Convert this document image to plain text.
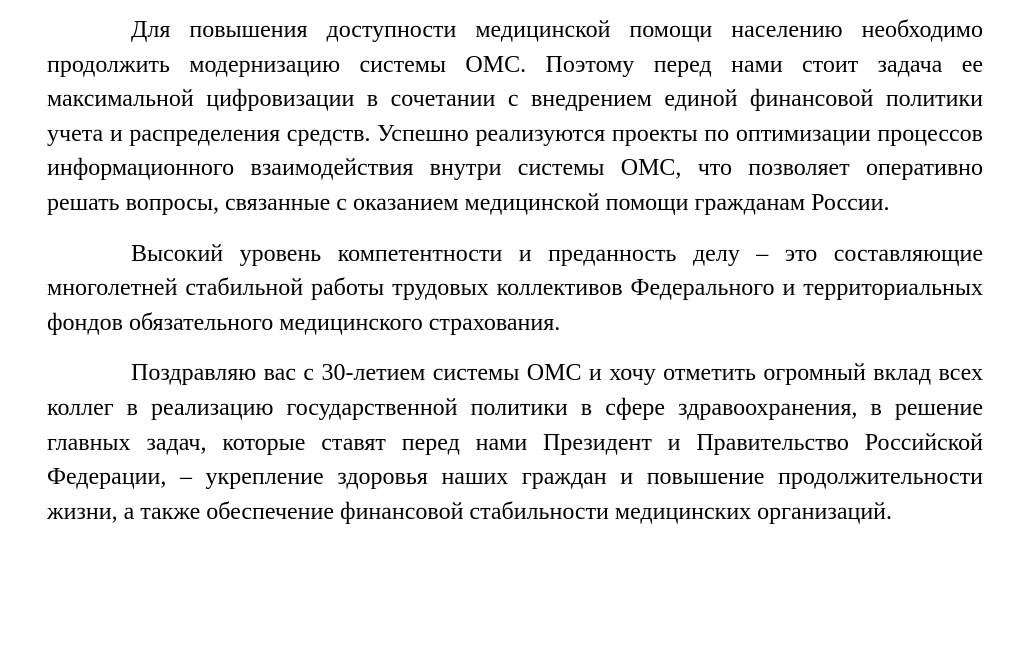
Для повышения доступности медицинской помощи населению необходимо продолжить модернизацию системы ОМС. Поэтому перед нами стоит задача ее максимальной цифровизации в сочетании с внедрением единой финансовой политики учета и распределения средств. Успешно реализуются проекты по оптимизации процессов информационного взаимодействия внутри системы ОМС, что позволяет оперативно решать вопросы, связанные с оказанием медицинской помощи гражданам России.

Высокий уровень компетентности и преданность делу – это составляющие многолетней стабильной работы трудовых коллективов Федерального и территориальных фондов обязательного медицинского страхования.

Поздравляю вас с 30-летием системы ОМС и хочу отметить огромный вклад всех коллег в реализацию государственной политики в сфере здравоохранения, в решение главных задач, которые ставят перед нами Президент и Правительство Российской Федерации, – укрепление здоровья наших граждан и повышение продолжительности жизни, а также обеспечение финансовой стабильности медицинских организаций.
